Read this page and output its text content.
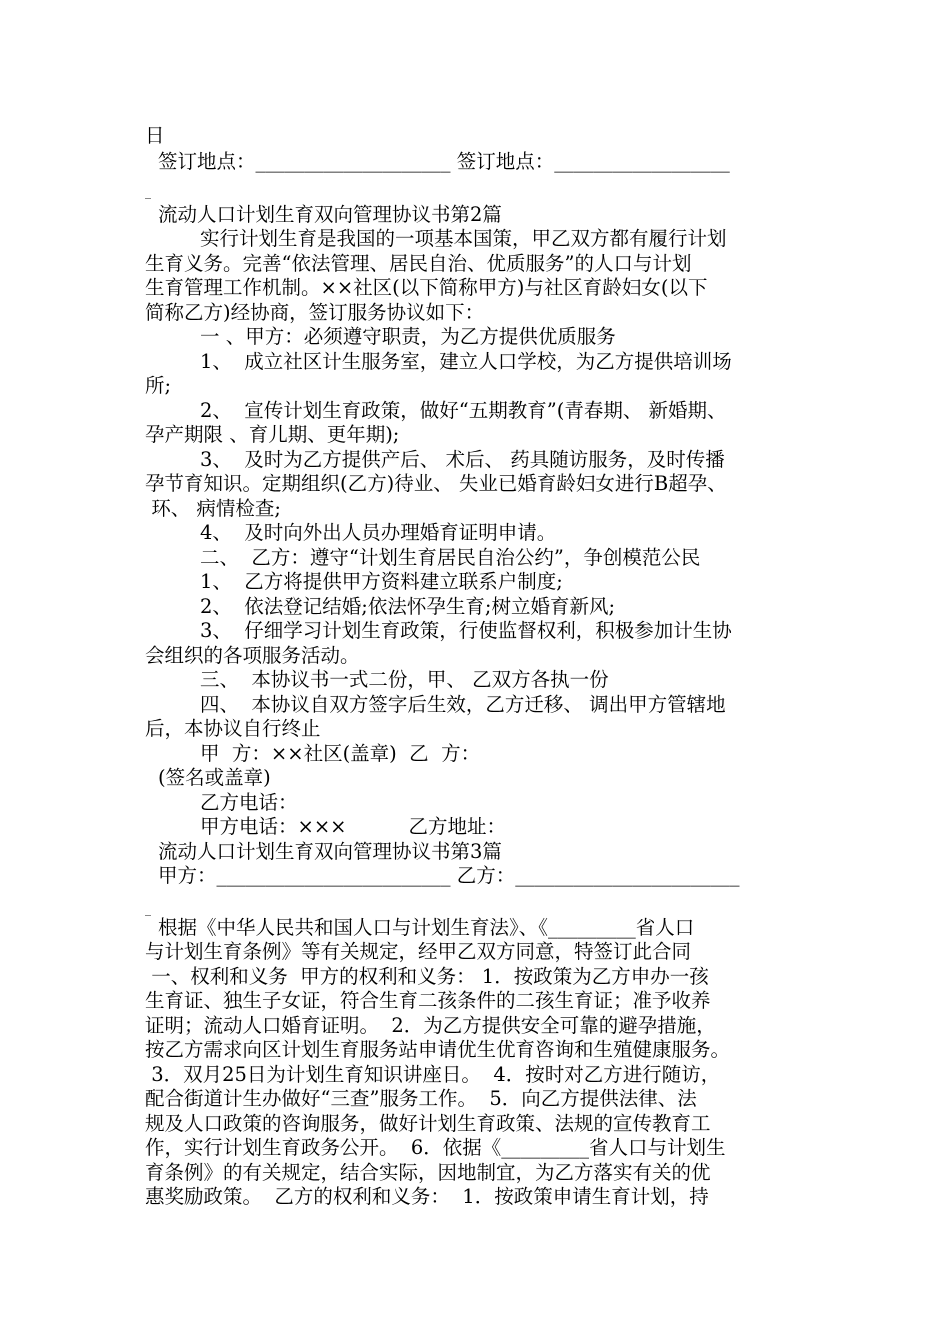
日
签订地点：____________________ 签订地点：__________________
_
流动人口计划生育双向管理协议书第2篇
实行计划生育是我国的一项基本国策，甲乙双方都有履行计划
生育义务。完善“依法管理、居民自治、优质服务”的人口与计划
生育管理工作机制。××社区(以下简称甲方)与社区育龄妇女(以下
简称乙方)经协商，签订服务协议如下：
一 、甲方：必须遵守职责，为乙方提供优质服务
1、  成立社区计生服务室，建立人口学校，为乙方提供培训场
所;
2、  宣传计划生育政策，做好“五期教育”(青春期、 新婚期、
孕产期限 、育儿期、更年期);
3、  及时为乙方提供产后、 术后、 药具随访服务，及时传播
孕节育知识。定期组织(乙方)待业、 失业已婚育龄妇女进行B超孕、
环、 病情检查;
4、  及时向外出人员办理婚育证明申请。
二、  乙方：遵守“计划生育居民自治公约”，争创模范公民
1、  乙方将提供甲方资料建立联系户制度;
2、  依法登记结婚;依法怀孕生育;树立婚育新风;
3、  仔细学习计划生育政策，行使监督权利，积极参加计生协
会组织的各项服务活动。
三、  本协议书一式二份，甲、 乙双方各执一份
四、  本协议自双方签字后生效，乙方迁移、 调出甲方管辖地
后，本协议自行终止
甲  方：××社区(盖章)  乙  方：
(签名或盖章)
乙方电话：
甲方电话：×××          乙方地址：
流动人口计划生育双向管理协议书第3篇
甲方：________________________ 乙方：_______________________
_
根据《中华人民共和国人口与计划生育法》、《_________省人口
与计划生育条例》等有关规定，经甲乙双方同意，特签订此合同
一、权利和义务  甲方的权利和义务： 1．按政策为乙方申办一孩
生育证、独生子女证，符合生育二孩条件的二孩生育证；准予收养
证明；流动人口婚育证明。  2．为乙方提供安全可靠的避孕措施，
按乙方需求向区计划生育服务站申请优生优育咨询和生殖健康服务。
3．双月25日为计划生育知识讲座日。  4．按时对乙方进行随访，
配合街道计生办做好“三查”服务工作。  5．向乙方提供法律、法
规及人口政策的咨询服务，做好计划生育政策、法规的宣传教育工
作，实行计划生育政务公开。  6．依据《_________省人口与计划生
育条例》的有关规定，结合实际，因地制宜，为乙方落实有关的优
惠奖励政策。  乙方的权利和义务：  1．按政策申请生育计划，持
